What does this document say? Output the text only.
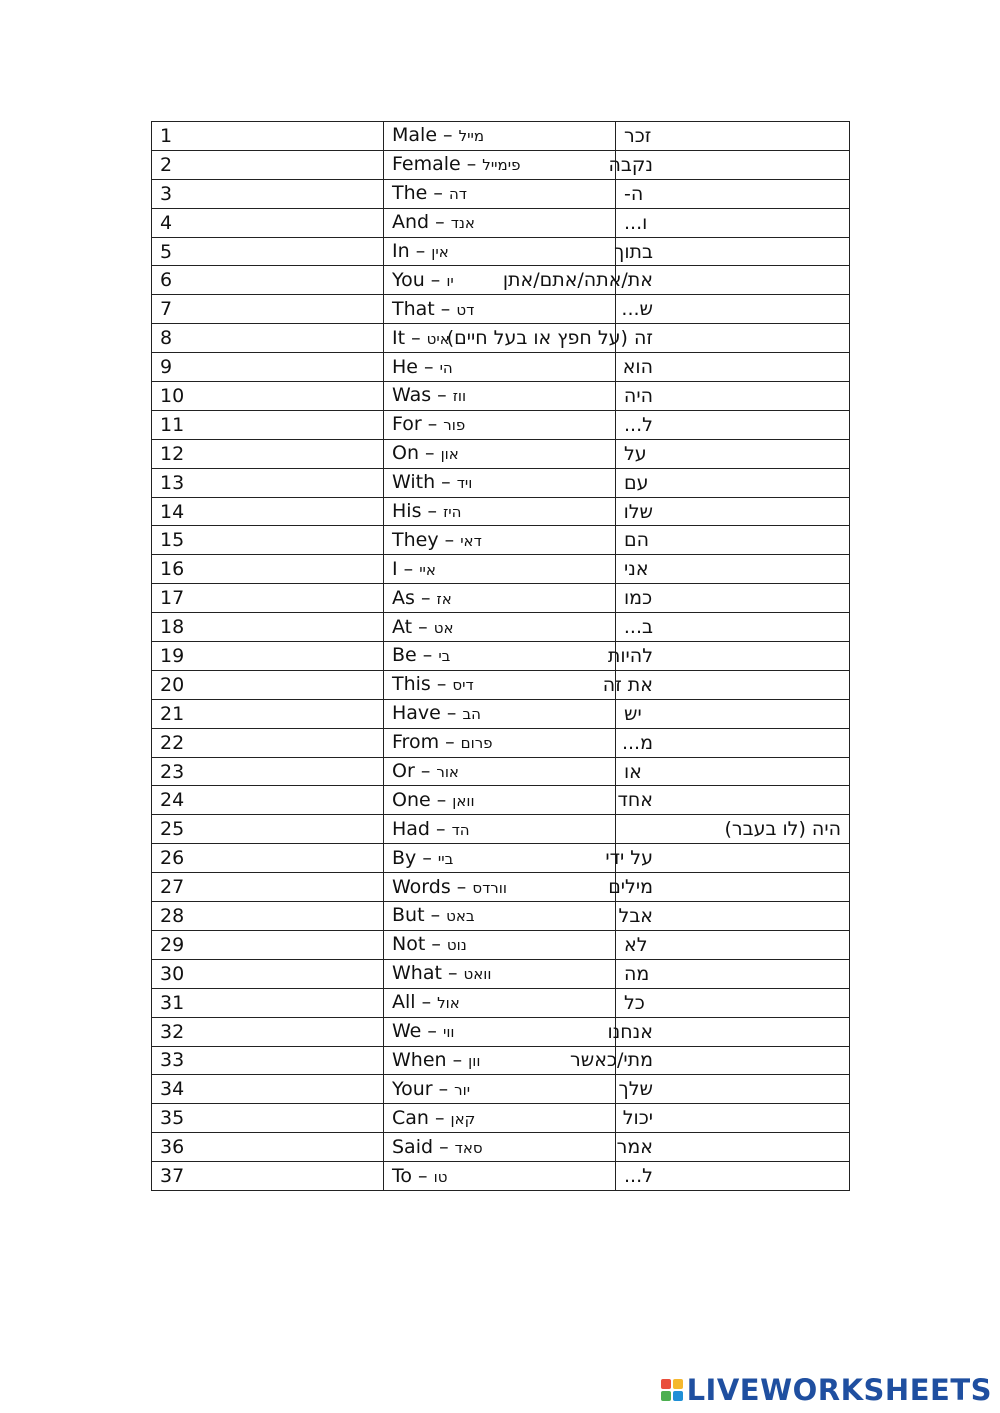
1	Male – מייל	זכר
2	Female – פימייל	נקבה
3	The – דה	ה-
4	And – אנד	ו...
5	In – אין	בתוך
6	You – יו	את/אתה/אתם/אתן
7	That – דט	ש...
8	It – איט	זה (על חפץ או בעל חיים)
9	He – הי	הוא
10	Was – ווז	היה
11	For – פור	ל...
12	On – און	על
13	With – ויד	עם
14	His – היז	שלו
15	They – דאי	הם
16	I – איי	אני
17	As – אז	כמו
18	At – אט	ב...
19	Be – בי	להיות
20	This – דיס	את זה
21	Have – הב	יש
22	From – פרום	מ...
23	Or – אור	או
24	One – וואן	אחד
25	Had – הד	היה (לו בעבר)
26	By – ביי	על ידי
27	Words – וורדס	מילים
28	But – באט	אבל
29	Not – נוט	לא
30	What – וואט	מה
31	All – אול	כל
32	We – ווי	אנחנו
33	When – וון	מתי/כאשר
34	Your – יור	שלך
35	Can – קאן	יכול
36	Said – סאד	אמר
37	To – טו	ל...
LIVEWORKSHEETS
